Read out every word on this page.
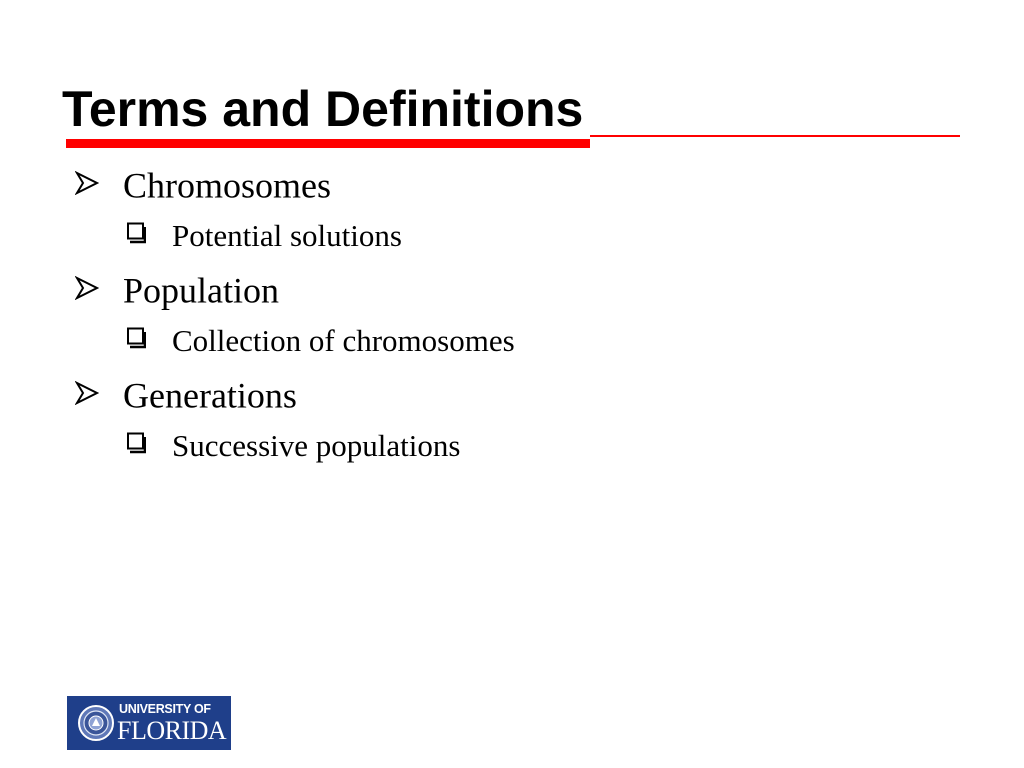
Terms and Definitions
Chromosomes
Potential solutions
Population
Collection of chromosomes
Generations
Successive populations
UNIVERSITY OF
FLORIDA
